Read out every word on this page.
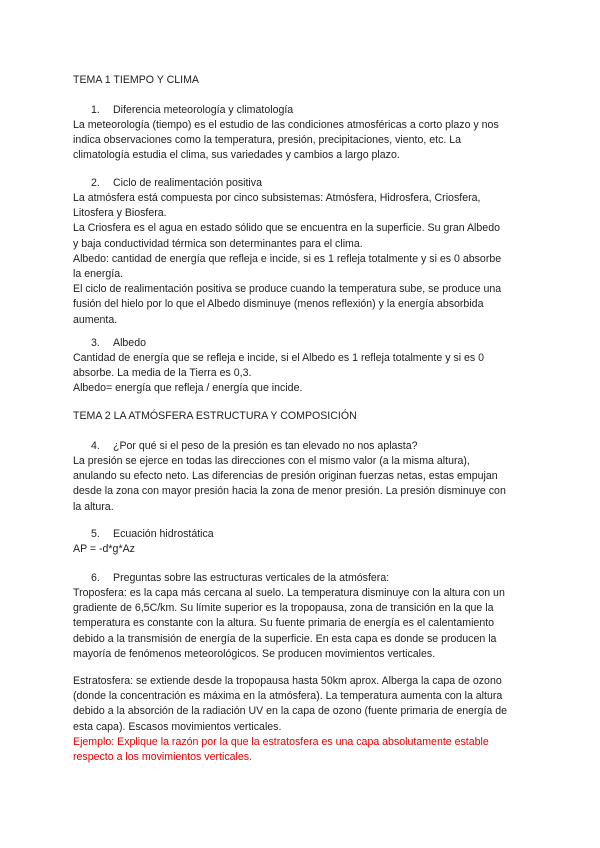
TEMA 1 TIEMPO Y CLIMA

1. Diferencia meteorología y climatología

La meteorología (tiempo) es el estudio de las condiciones atmosféricas a corto plazo y nos

indica observaciones como la temperatura, presión, precipitaciones, viento, etc. La

climatología estudia el clima, sus variedades y cambios a largo plazo.

2. Ciclo de realimentación positiva

La atmósfera está compuesta por cinco subsistemas: Atmósfera, Hidrosfera, Criosfera,

Litosfera y Biosfera.

La Criosfera es el agua en estado sólido que se encuentra en la superficie. Su gran Albedo

y baja conductividad térmica son determinantes para el clima.

Albedo: cantidad de energía que refleja e incide, si es 1 refleja totalmente y si es 0 absorbe

la energía.

El ciclo de realimentación positiva se produce cuando la temperatura sube, se produce una

fusión del hielo por lo que el Albedo disminuye (menos reflexión) y la energía absorbida

aumenta.

3. Albedo

Cantidad de energía que se refleja e incide, si el Albedo es 1 refleja totalmente y si es 0

absorbe. La media de la Tierra es 0,3.

Albedo= energía que refleja / energía que incide.

TEMA 2 LA ATMÓSFERA ESTRUCTURA Y COMPOSICIÓN

4. ¿Por qué si el peso de la presión es tan elevado no nos aplasta?

La presión se ejerce en todas las direcciones con el mismo valor (a la misma altura),

anulando su efecto neto. Las diferencias de presión originan fuerzas netas, estas empujan

desde la zona con mayor presión hacia la zona de menor presión. La presión disminuye con

la altura.

5. Ecuación hidrostática

AP = -d*g*Az

6. Preguntas sobre las estructuras verticales de la atmósfera:

Troposfera: es la capa más cercana al suelo. La temperatura disminuye con la altura con un

gradiente de 6,5C/km. Su límite superior es la tropopausa, zona de transición en la que la

temperatura es constante con la altura. Su fuente primaria de energía es el calentamiento

debido a la transmisión de energía de la superficie. En esta capa es donde se producen la

mayoría de fenómenos meteorológicos. Se producen movimientos verticales.

Estratosfera: se extiende desde la tropopausa hasta 50km aprox. Alberga la capa de ozono

(donde la concentración es máxima en la atmósfera). La temperatura aumenta con la altura

debido a la absorción de la radiación UV en la capa de ozono (fuente primaria de energía de

esta capa). Escasos movimientos verticales.

Ejemplo: Explique la razón por la que la estratosfera es una capa absolutamente estable

respecto a los movimientos verticales.
